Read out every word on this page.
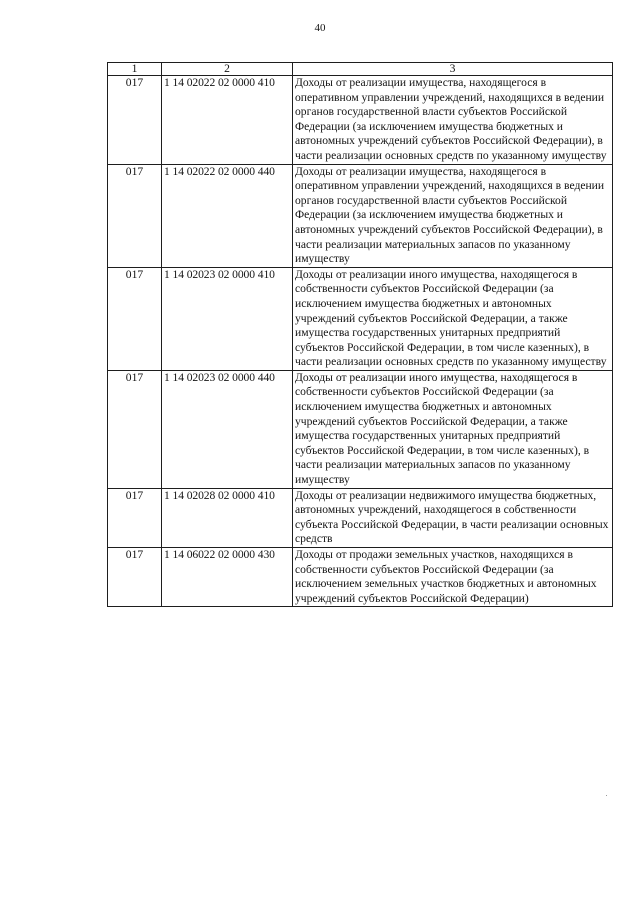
40
1	2	3
017	1 14 02022 02 0000 410	Доходы от реализации имущества, находящегося в оперативном управлении учреждений, находящихся в ведении органов государственной власти субъектов Российской Федерации (за исключением имущества бюджетных и автономных учреждений субъектов Российской Федерации), в части реализации основных средств по указанному имуществу
017	1 14 02022 02 0000 440	Доходы от реализации имущества, находящегося в оперативном управлении учреждений, находящихся в ведении органов государственной власти субъектов Российской Федерации (за исключением имущества бюджетных и автономных учреждений субъектов Российской Федерации), в части реализации материальных запасов по указанному имуществу
017	1 14 02023 02 0000 410	Доходы от реализации иного имущества, находящегося в собственности субъектов Российской Федерации (за исключением имущества бюджетных и автономных учреждений субъектов Российской Федерации, а также имущества государственных унитарных предприятий субъектов Российской Федерации, в том числе казенных), в части реализации основных средств по указанному имуществу
017	1 14 02023 02 0000 440	Доходы от реализации иного имущества, находящегося в собственности субъектов Российской Федерации (за исключением имущества бюджетных и автономных учреждений субъектов Российской Федерации, а также имущества государственных унитарных предприятий субъектов Российской Федерации, в том числе казенных), в части реализации материальных запасов по указанному имуществу
017	1 14 02028 02 0000 410	Доходы от реализации недвижимого имущества бюджетных, автономных учреждений, находящегося в собственности субъекта Российской Федерации, в части реализации основных средств
017	1 14 06022 02 0000 430	Доходы от продажи земельных участков, находящихся в собственности субъектов Российской Федерации (за исключением земельных участков бюджетных и автономных учреждений субъектов Российской Федерации)
